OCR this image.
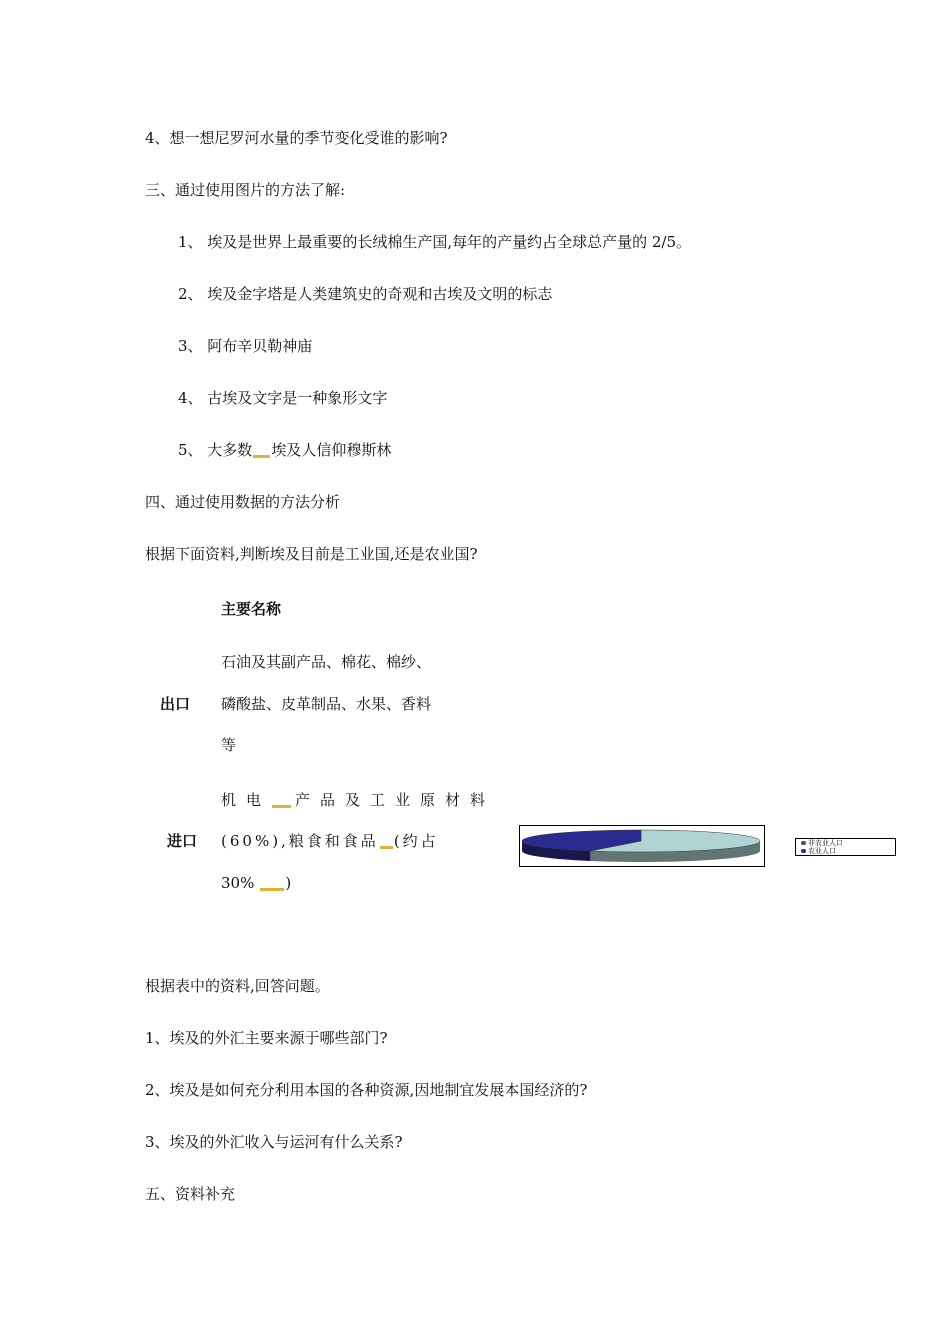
4、想一想尼罗河水量的季节变化受谁的影响?
三、通过使用图片的方法了解:
1、 埃及是世界上最重要的长绒棉生产国,每年的产量约占全球总产量的 2/5。
2、 埃及金字塔是人类建筑史的奇观和古埃及文明的标志
3、 阿布辛贝勒神庙
4、 古埃及文字是一种象形文字
5、 大多数 埃及人信仰穆斯林
四、通过使用数据的方法分析
根据下面资料,判断埃及目前是工业国,还是农业国?
主要名称
出口
石油及其副产品、棉花、棉纱、
磷酸盐、皮革制品、水果、香料
等
进口
机电 产品及工业原材料
(60%),粮食和食品 (约占
30% )
非农业人口
农业人口
根据表中的资料,回答问题。
1、埃及的外汇主要来源于哪些部门?
2、埃及是如何充分利用本国的各种资源,因地制宜发展本国经济的?
3、埃及的外汇收入与运河有什么关系?
五、资料补充
